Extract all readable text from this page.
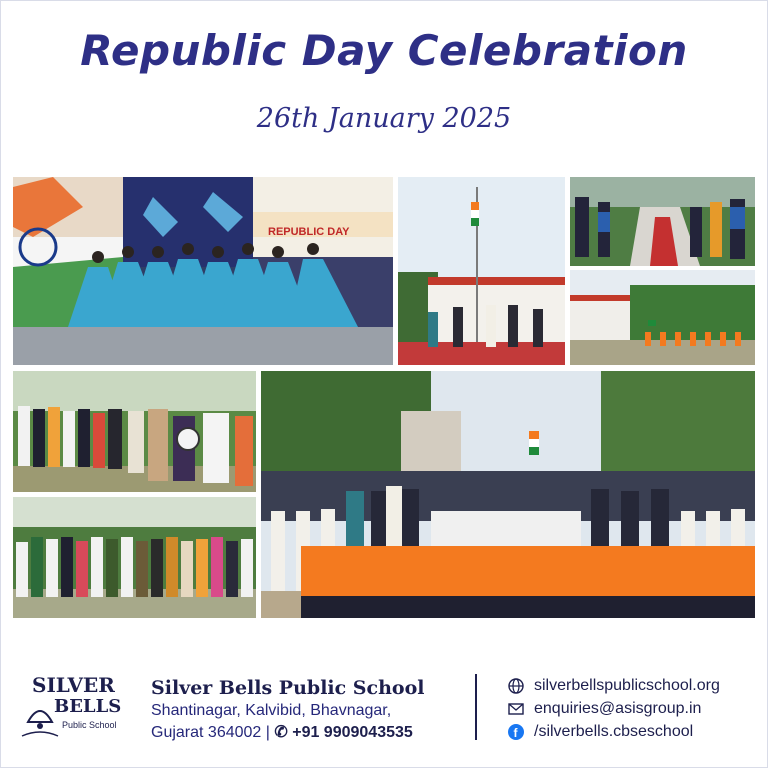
Republic Day Celebration
26th January 2025
REPUBLIC DAY
SILVER
BELLS
Public School
Silver Bells Public School
Shantinagar, Kalvibid, Bhavnagar,
Gujarat 364002 | ✆ +91 9909043535
silverbellspublicschool.org
enquiries@asisgroup.in
f /silverbells.cbseschool
